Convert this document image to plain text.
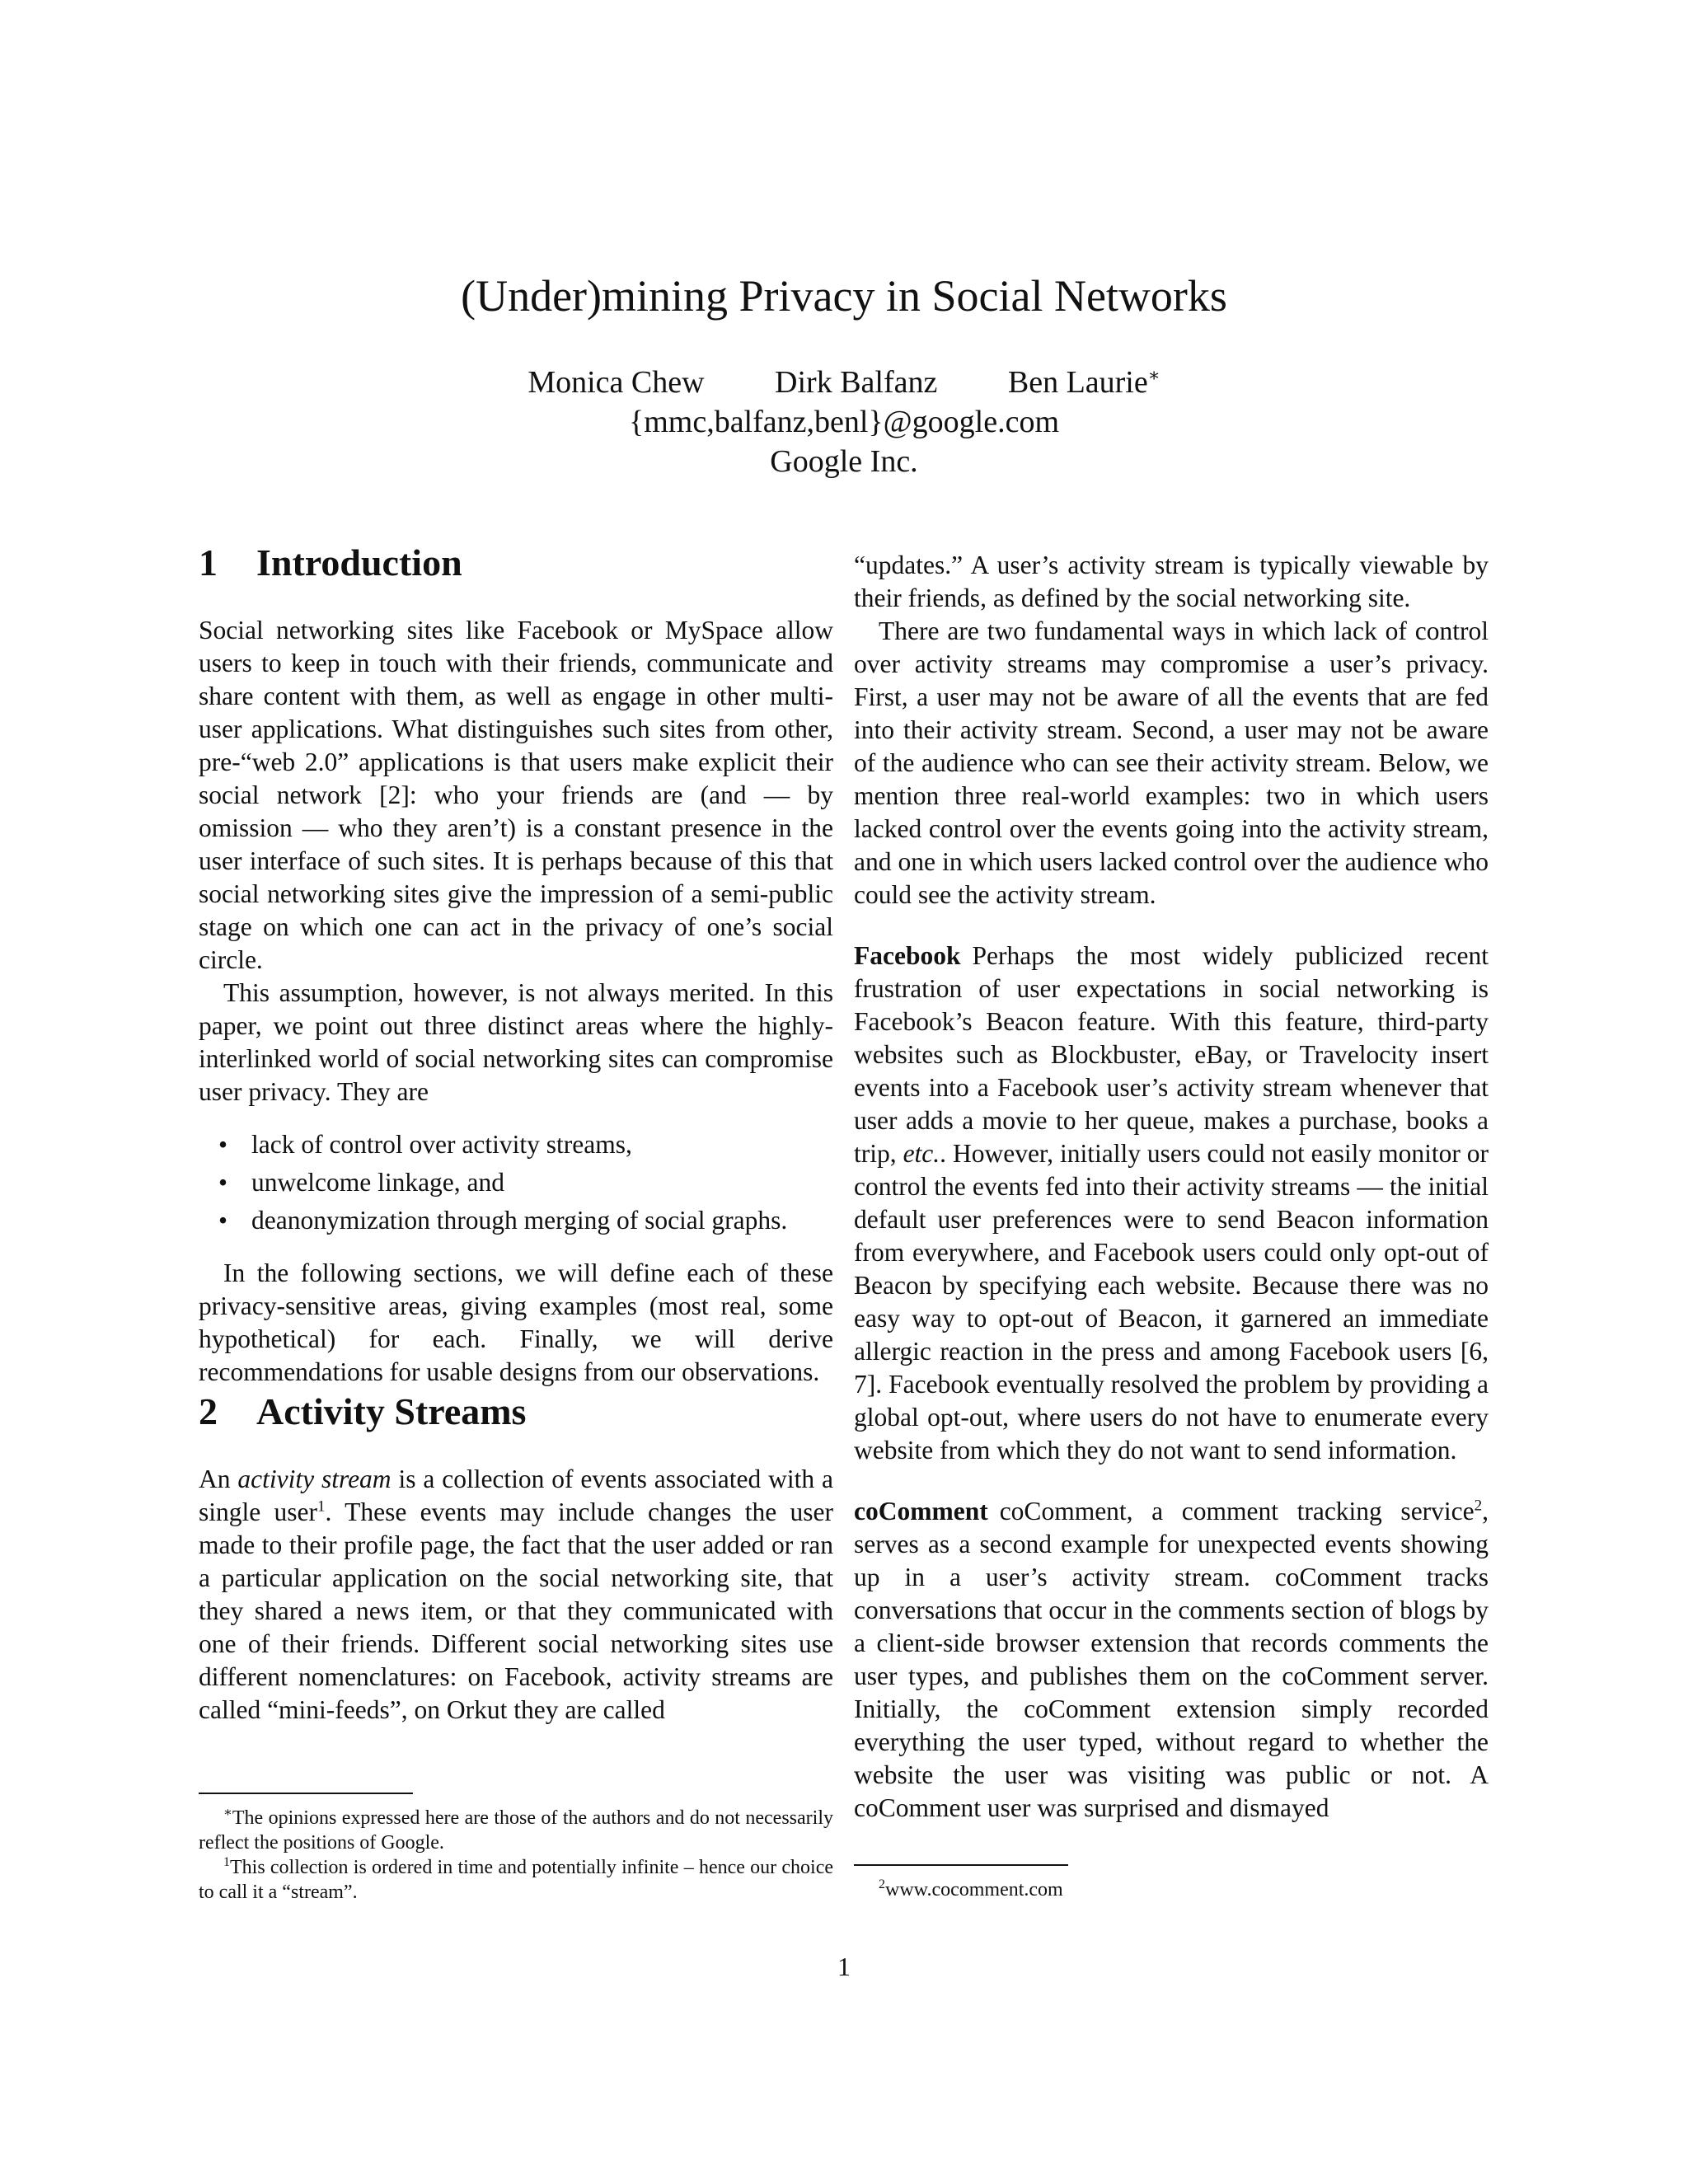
(Under)mining Privacy in Social Networks
Monica Chew Dirk Balfanz Ben Laurie∗
{mmc,balfanz,benl}@google.com
Google Inc.
1 Introduction

Social networking sites like Facebook or MySpace allow users to keep in touch with their friends, communicate and share content with them, as well as engage in other multi-user applications. What distinguishes such sites from other, pre-“web 2.0” applications is that users make explicit their social network [2]: who your friends are (and — by omission — who they aren’t) is a constant presence in the user interface of such sites. It is perhaps because of this that social networking sites give the impression of a semi-public stage on which one can act in the privacy of one’s social circle.

This assumption, however, is not always merited. In this paper, we point out three distinct areas where the highly-interlinked world of social networking sites can compromise user privacy. They are

• lack of control over activity streams,
• unwelcome linkage, and
• deanonymization through merging of social graphs.

In the following sections, we will define each of these privacy-sensitive areas, giving examples (most real, some hypothetical) for each. Finally, we will derive recommendations for usable designs from our observations.

2 Activity Streams

An activity stream is a collection of events associated with a single user$^1$. These events may include changes the user made to their profile page, the fact that the user added or ran a particular application on the social networking site, that they shared a news item, or that they communicated with one of their friends. Different social networking sites use different nomenclatures: on Facebook, activity streams are called “mini-feeds”, on Orkut they are called

∗The opinions expressed here are those of the authors and do not necessarily reflect the positions of Google.

$^1$This collection is ordered in time and potentially infinite – hence our choice to call it a “stream”.

“updates.” A user’s activity stream is typically viewable by their friends, as defined by the social networking site.

There are two fundamental ways in which lack of control over activity streams may compromise a user’s privacy. First, a user may not be aware of all the events that are fed into their activity stream. Second, a user may not be aware of the audience who can see their activity stream. Below, we mention three real-world examples: two in which users lacked control over the events going into the activity stream, and one in which users lacked control over the audience who could see the activity stream.

Facebook Perhaps the most widely publicized recent frustration of user expectations in social networking is Facebook’s Beacon feature. With this feature, third-party websites such as Blockbuster, eBay, or Travelocity insert events into a Facebook user’s activity stream whenever that user adds a movie to her queue, makes a purchase, books a trip, etc.. However, initially users could not easily monitor or control the events fed into their activity streams — the initial default user preferences were to send Beacon information from everywhere, and Facebook users could only opt-out of Beacon by specifying each website. Because there was no easy way to opt-out of Beacon, it garnered an immediate allergic reaction in the press and among Facebook users [6, 7]. Facebook eventually resolved the problem by providing a global opt-out, where users do not have to enumerate every website from which they do not want to send information.

coComment coComment, a comment tracking service$^2$, serves as a second example for unexpected events showing up in a user’s activity stream. coComment tracks conversations that occur in the comments section of blogs by a client-side browser extension that records comments the user types, and publishes them on the coComment server. Initially, the coComment extension simply recorded everything the user typed, without regard to whether the website the user was visiting was public or not. A coComment user was surprised and dismayed

$^2$www.cocomment.com

1
